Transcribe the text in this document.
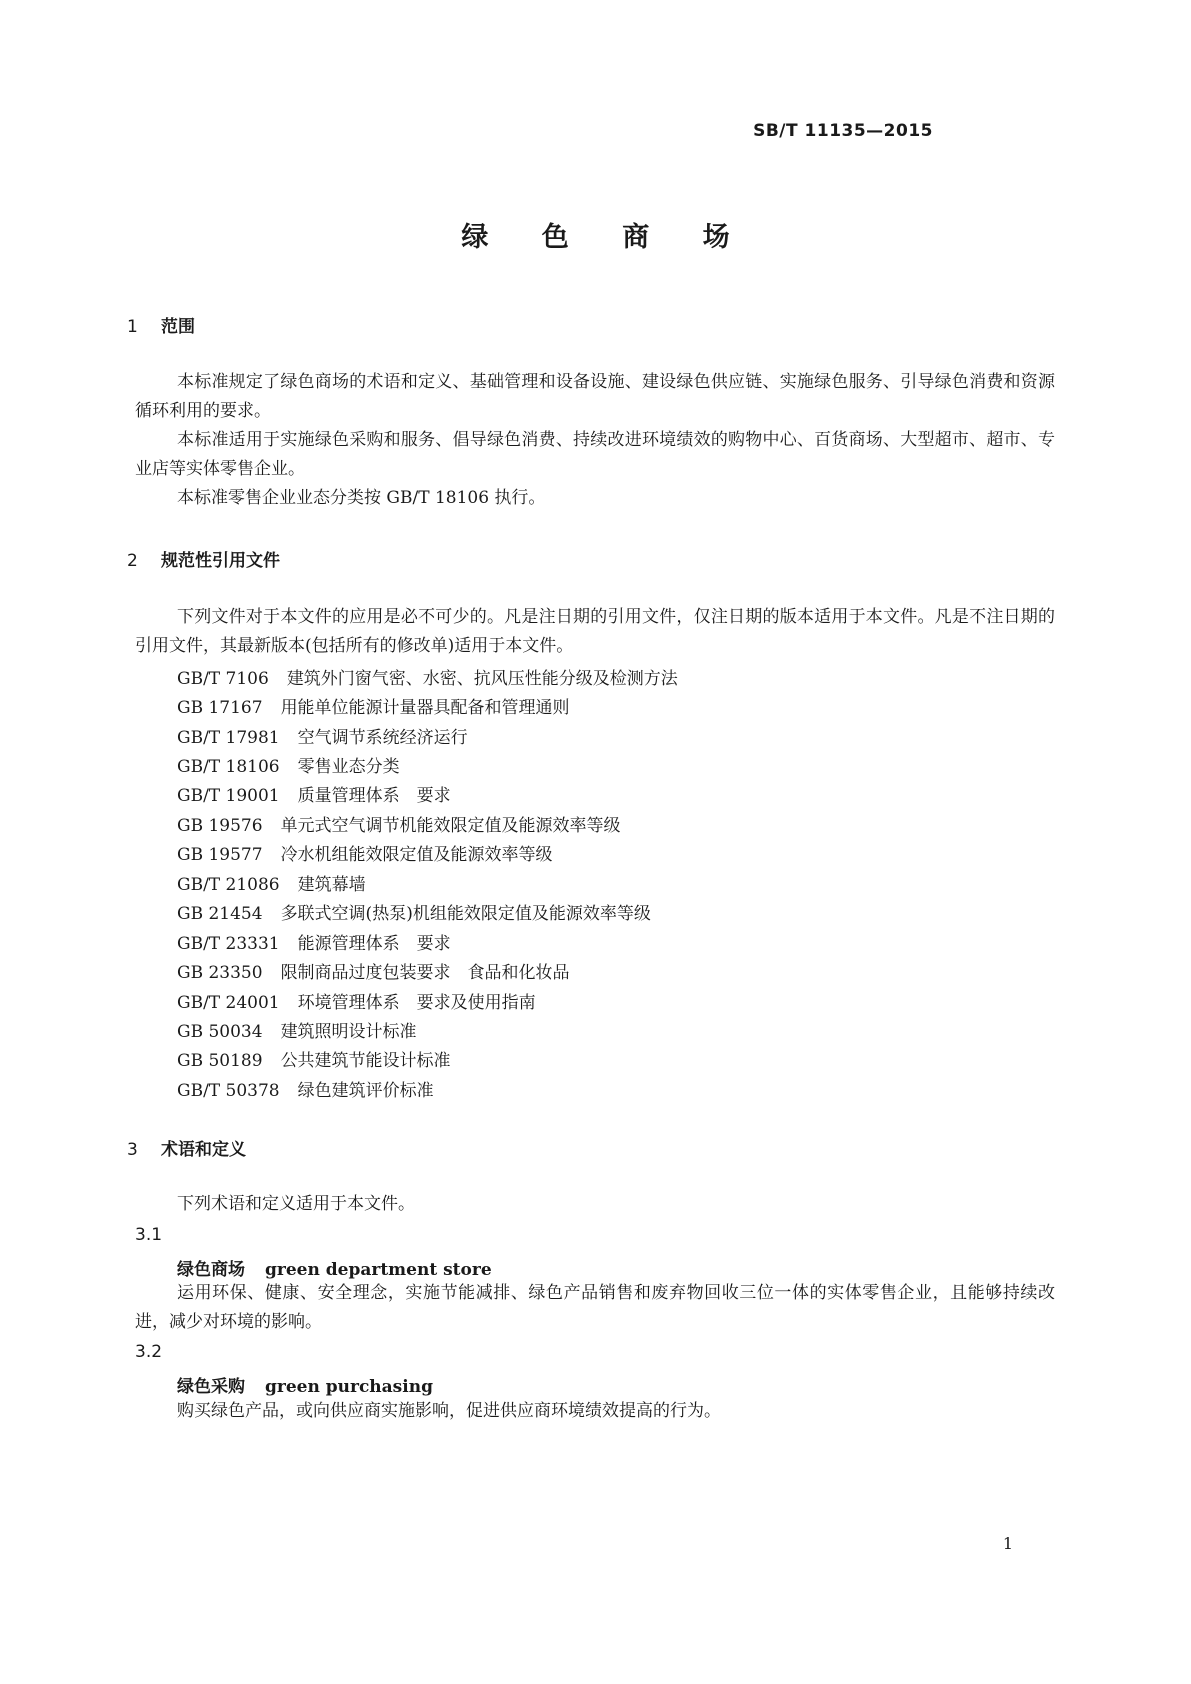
SB/T 11135—2015
绿 色 商 场
1 范围
本标准规定了绿色商场的术语和定义、基础管理和设备设施、建设绿色供应链、实施绿色服务、引导绿色消费和资源循环利用的要求。
本标准适用于实施绿色采购和服务、倡导绿色消费、持续改进环境绩效的购物中心、百货商场、大型超市、超市、专业店等实体零售企业。
本标准零售企业业态分类按 GB/T 18106 执行。
2 规范性引用文件
下列文件对于本文件的应用是必不可少的。凡是注日期的引用文件，仅注日期的版本适用于本文件。凡是不注日期的引用文件，其最新版本(包括所有的修改单)适用于本文件。
GB/T 7106 建筑外门窗气密、水密、抗风压性能分级及检测方法
GB 17167 用能单位能源计量器具配备和管理通则
GB/T 17981 空气调节系统经济运行
GB/T 18106 零售业态分类
GB/T 19001 质量管理体系　要求
GB 19576 单元式空气调节机能效限定值及能源效率等级
GB 19577 冷水机组能效限定值及能源效率等级
GB/T 21086 建筑幕墙
GB 21454 多联式空调(热泵)机组能效限定值及能源效率等级
GB/T 23331 能源管理体系　要求
GB 23350 限制商品过度包装要求　食品和化妆品
GB/T 24001 环境管理体系　要求及使用指南
GB 50034 建筑照明设计标准
GB 50189 公共建筑节能设计标准
GB/T 50378 绿色建筑评价标准
3 术语和定义
下列术语和定义适用于本文件。
3.1
绿色商场 green department store
运用环保、健康、安全理念，实施节能减排、绿色产品销售和废弃物回收三位一体的实体零售企业，且能够持续改进，减少对环境的影响。
3.2
绿色采购 green purchasing
购买绿色产品，或向供应商实施影响，促进供应商环境绩效提高的行为。
1
